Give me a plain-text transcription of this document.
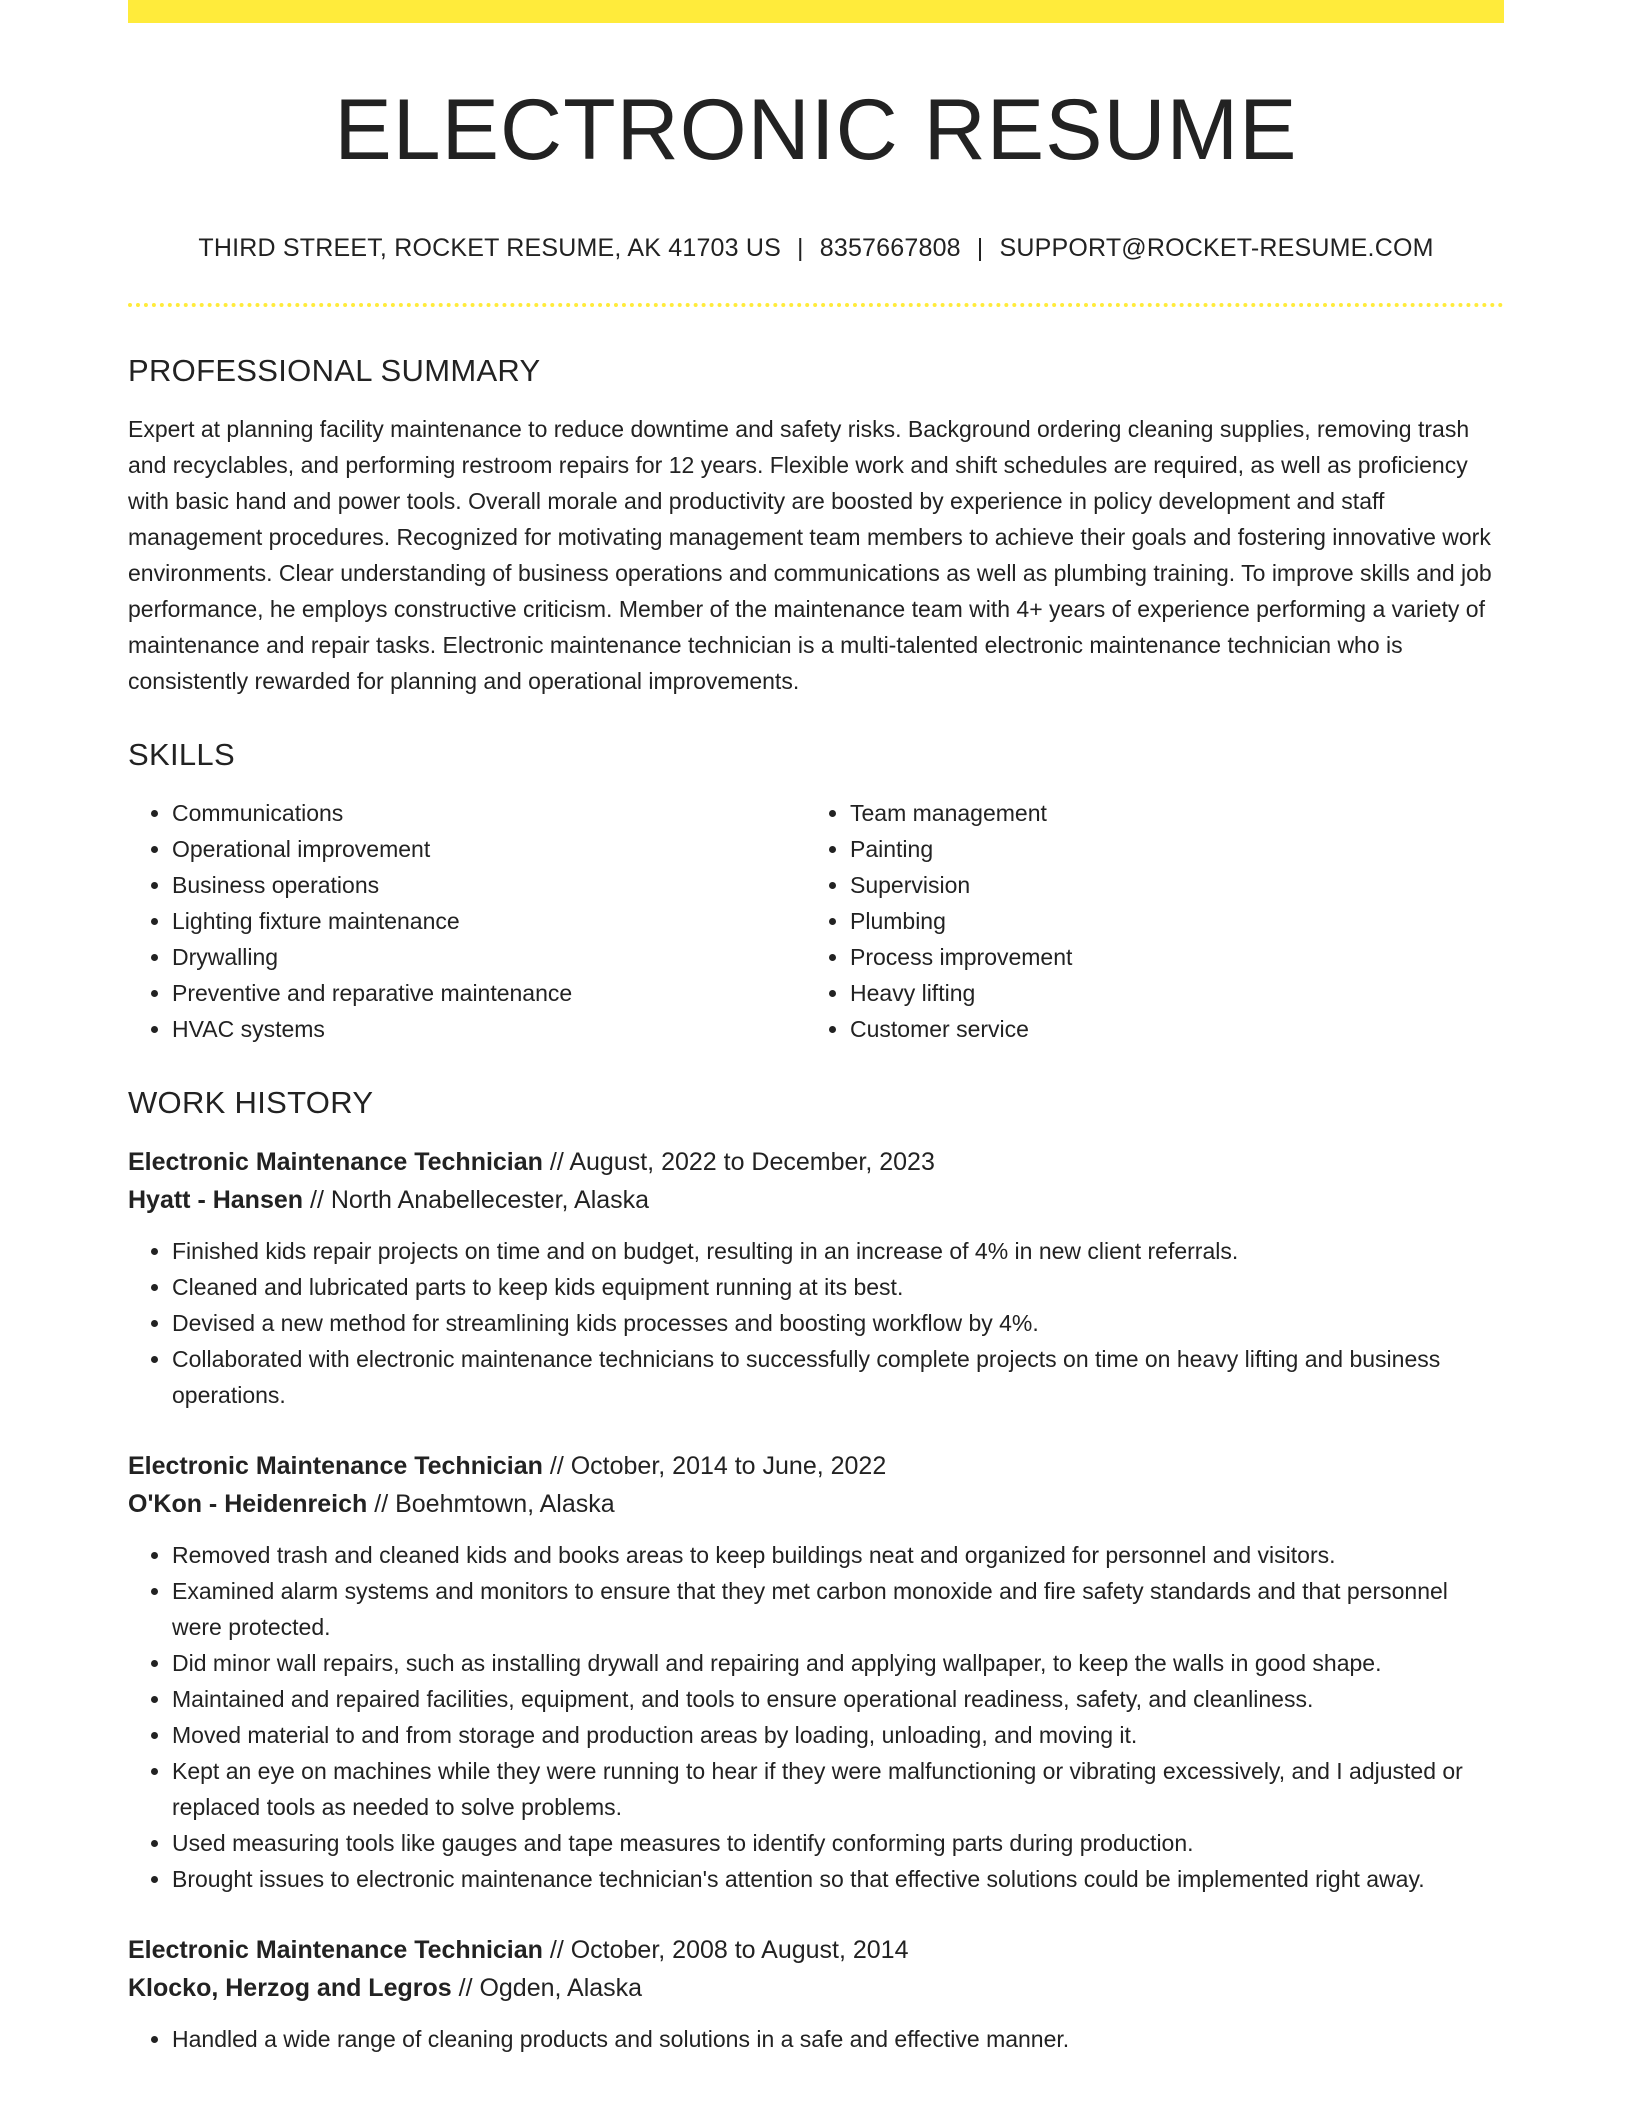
ELECTRONIC RESUME
THIRD STREET, ROCKET RESUME, AK 41703 US | 8357667808 | SUPPORT@ROCKET-RESUME.COM
PROFESSIONAL SUMMARY

Expert at planning facility maintenance to reduce downtime and safety risks. Background ordering cleaning supplies, removing trash and recyclables, and performing restroom repairs for 12 years. Flexible work and shift schedules are required, as well as proficiency with basic hand and power tools. Overall morale and productivity are boosted by experience in policy development and staff management procedures. Recognized for motivating management team members to achieve their goals and fostering innovative work environments. Clear understanding of business operations and communications as well as plumbing training. To improve skills and job performance, he employs constructive criticism. Member of the maintenance team with 4+ years of experience performing a variety of maintenance and repair tasks. Electronic maintenance technician is a multi-talented electronic maintenance technician who is consistently rewarded for planning and operational improvements.

SKILLS
• Communications
• Operational improvement
• Business operations
• Lighting fixture maintenance
• Drywalling
• Preventive and reparative maintenance
• HVAC systems
• Team management
• Painting
• Supervision
• Plumbing
• Process improvement
• Heavy lifting
• Customer service
WORK HISTORY
Electronic Maintenance Technician // August, 2022 to December, 2023
Hyatt - Hansen // North Anabellecester, Alaska
• Finished kids repair projects on time and on budget, resulting in an increase of 4% in new client referrals.
• Cleaned and lubricated parts to keep kids equipment running at its best.
• Devised a new method for streamlining kids processes and boosting workflow by 4%.
• Collaborated with electronic maintenance technicians to successfully complete projects on time on heavy lifting and business operations.
Electronic Maintenance Technician // October, 2014 to June, 2022
O'Kon - Heidenreich // Boehmtown, Alaska
• Removed trash and cleaned kids and books areas to keep buildings neat and organized for personnel and visitors.
• Examined alarm systems and monitors to ensure that they met carbon monoxide and fire safety standards and that personnel were protected.
• Did minor wall repairs, such as installing drywall and repairing and applying wallpaper, to keep the walls in good shape.
• Maintained and repaired facilities, equipment, and tools to ensure operational readiness, safety, and cleanliness.
• Moved material to and from storage and production areas by loading, unloading, and moving it.
• Kept an eye on machines while they were running to hear if they were malfunctioning or vibrating excessively, and I adjusted or replaced tools as needed to solve problems.
• Used measuring tools like gauges and tape measures to identify conforming parts during production.
• Brought issues to electronic maintenance technician's attention so that effective solutions could be implemented right away.
Electronic Maintenance Technician // October, 2008 to August, 2014
Klocko, Herzog and Legros // Ogden, Alaska
• Handled a wide range of cleaning products and solutions in a safe and effective manner.
